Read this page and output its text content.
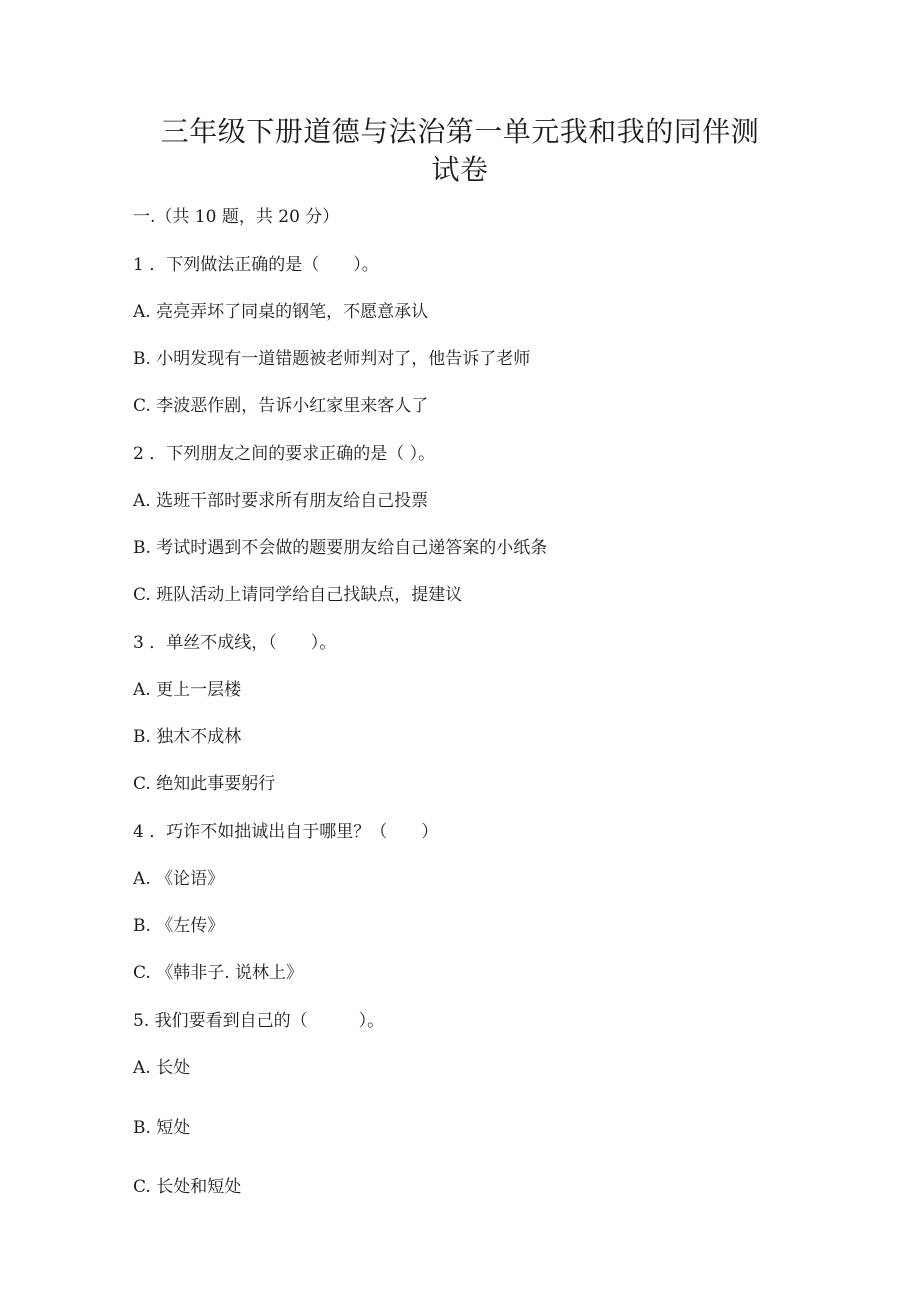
三年级下册道德与法治第一单元我和我的同伴测试卷

一.（共 10 题，共 20 分）

1 ．下列做法正确的是（　　）。

A. 亮亮弄坏了同桌的钢笔，不愿意承认

B. 小明发现有一道错题被老师判对了，他告诉了老师

C. 李波恶作剧，告诉小红家里来客人了

2 ．下列朋友之间的要求正确的是（ ）。

A. 选班干部时要求所有朋友给自己投票

B. 考试时遇到不会做的题要朋友给自己递答案的小纸条

C. 班队活动上请同学给自己找缺点，提建议

3 ．单丝不成线，（　　）。

A. 更上一层楼

B. 独木不成林

C. 绝知此事要躬行

4 ．巧诈不如拙诚出自于哪里？（　　）

A. 《论语》

B. 《左传》

C. 《韩非子. 说林上》

5. 我们要看到自己的（　　　）。

A. 长处

B. 短处

C. 长处和短处
